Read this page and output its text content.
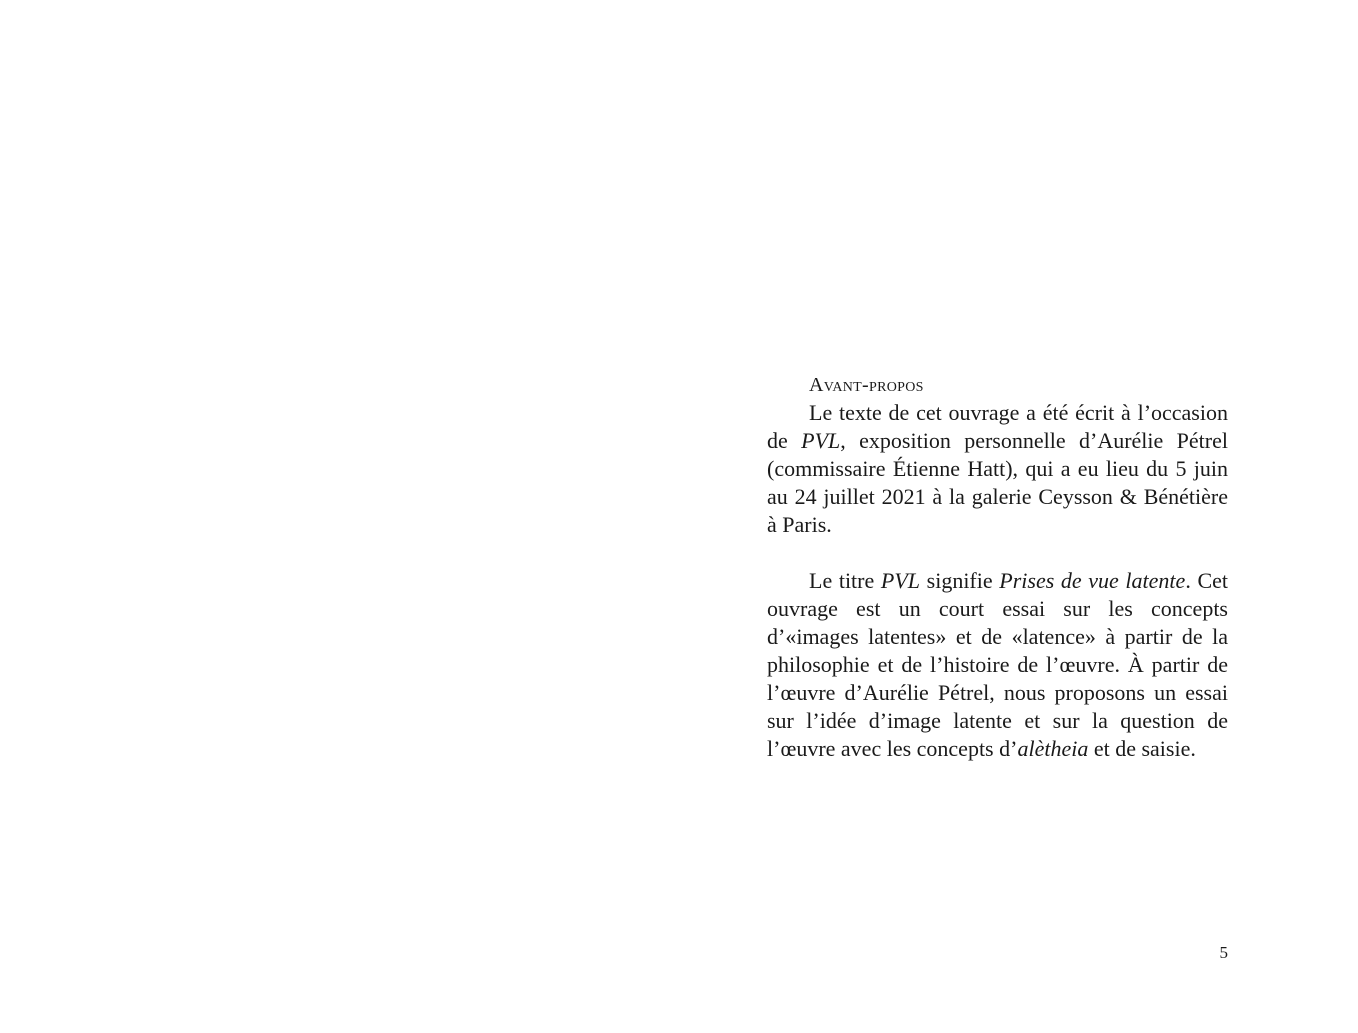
Avant-propos

Le texte de cet ouvrage a été écrit à l’occasion de PVL, exposition personnelle d’Aurélie Pétrel (commissaire Étienne Hatt), qui a eu lieu du 5 juin au 24 juillet 2021 à la galerie Ceysson & Bénétière à Paris.

Le titre PVL signifie Prises de vue latente. Cet ouvrage est un court essai sur les concepts d’«images latentes» et de «latence» à partir de la philosophie et de l’histoire de l’œuvre. À partir de l’œuvre d’Aurélie Pétrel, nous proposons un essai sur l’idée d’image latente et sur la question de l’œuvre avec les concepts d’alètheia et de saisie.

5
